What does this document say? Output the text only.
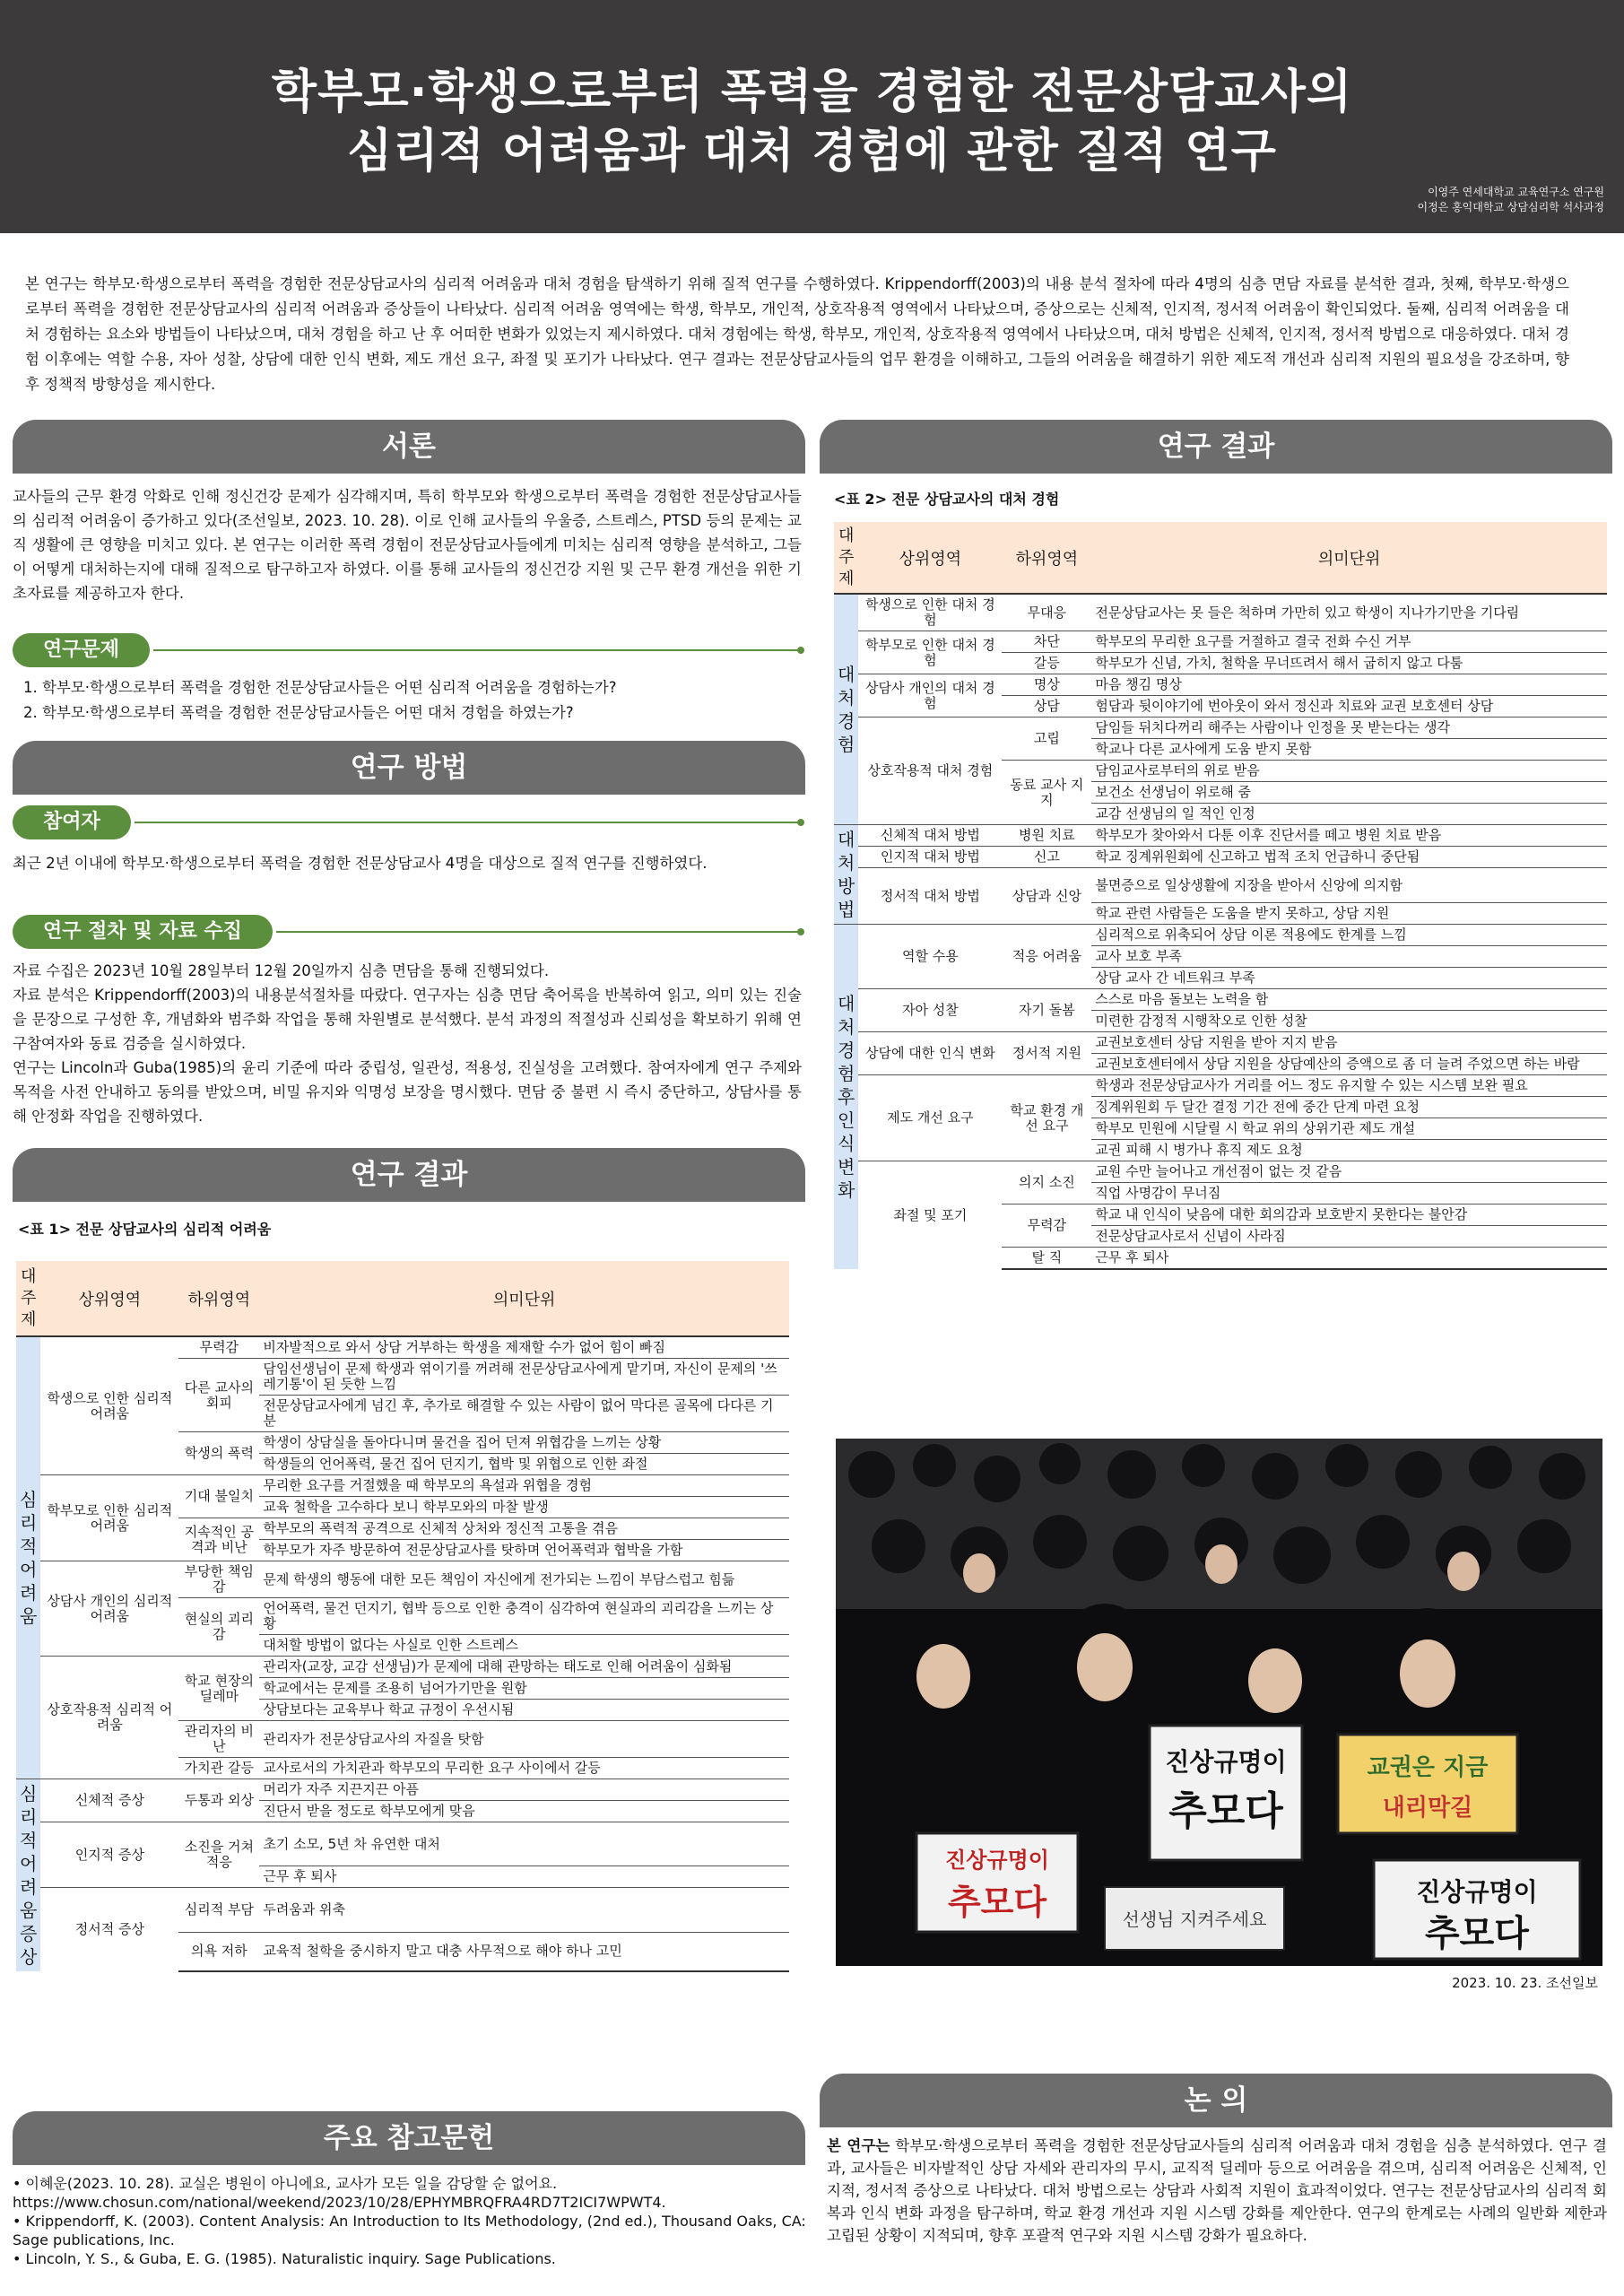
학부모·학생으로부터 폭력을 경험한 전문상담교사의
심리적 어려움과 대처 경험에 관한 질적 연구
이영주 연세대학교 교육연구소 연구원
이정은 홍익대학교 상담심리학 석사과정
본 연구는 학부모·학생으로부터 폭력을 경험한 전문상담교사의 심리적 어려움과 대처 경험을 탐색하기 위해 질적 연구를 수행하였다. Krippendorff(2003)의 내용 분석 절차에 따라 4명의 심층 면담 자료를 분석한 결과, 첫째, 학부모·학생으로부터 폭력을 경험한 전문상담교사의 심리적 어려움과 증상들이 나타났다. 심리적 어려움 영역에는 학생, 학부모, 개인적, 상호작용적 영역에서 나타났으며, 증상으로는 신체적, 인지적, 정서적 어려움이 확인되었다. 둘째, 심리적 어려움을 대처 경험하는 요소와 방법들이 나타났으며, 대처 경험을 하고 난 후 어떠한 변화가 있었는지 제시하였다. 대처 경험에는 학생, 학부모, 개인적, 상호작용적 영역에서 나타났으며, 대처 방법은 신체적, 인지적, 정서적 방법으로 대응하였다. 대처 경험 이후에는 역할 수용, 자아 성찰, 상담에 대한 인식 변화, 제도 개선 요구, 좌절 및 포기가 나타났다. 연구 결과는 전문상담교사들의 업무 환경을 이해하고, 그들의 어려움을 해결하기 위한 제도적 개선과 심리적 지원의 필요성을 강조하며, 향후 정책적 방향성을 제시한다.
서론
교사들의 근무 환경 악화로 인해 정신건강 문제가 심각해지며, 특히 학부모와 학생으로부터 폭력을 경험한 전문상담교사들의 심리적 어려움이 증가하고 있다(조선일보, 2023. 10. 28). 이로 인해 교사들의 우울증, 스트레스, PTSD 등의 문제는 교직 생활에 큰 영향을 미치고 있다. 본 연구는 이러한 폭력 경험이 전문상담교사들에게 미치는 심리적 영향을 분석하고, 그들이 어떻게 대처하는지에 대해 질적으로 탐구하고자 하였다. 이를 통해 교사들의 정신건강 지원 및 근무 환경 개선을 위한 기초자료를 제공하고자 한다.
연구문제
1. 학부모·학생으로부터 폭력을 경험한 전문상담교사들은 어떤 심리적 어려움을 경험하는가?
2. 학부모·학생으로부터 폭력을 경험한 전문상담교사들은 어떤 대처 경험을 하였는가?
연구 방법
참여자
최근 2년 이내에 학부모·학생으로부터 폭력을 경험한 전문상담교사 4명을 대상으로 질적 연구를 진행하였다.
연구 절차 및 자료 수집
자료 수집은 2023년 10월 28일부터 12월 20일까지 심층 면담을 통해 진행되었다.
자료 분석은 Krippendorff(2003)의 내용분석절차를 따랐다. 연구자는 심층 면담 축어록을 반복하여 읽고, 의미 있는 진술을 문장으로 구성한 후, 개념화와 범주화 작업을 통해 차원별로 분석했다. 분석 과정의 적절성과 신뢰성을 확보하기 위해 연구참여자와 동료 검증을 실시하였다.
연구는 Lincoln과 Guba(1985)의 윤리 기준에 따라 중립성, 일관성, 적용성, 진실성을 고려했다. 참여자에게 연구 주제와 목적을 사전 안내하고 동의를 받았으며, 비밀 유지와 익명성 보장을 명시했다. 면담 중 불편 시 즉시 중단하고, 상담사를 통해 안정화 작업을 진행하였다.
연구 결과
<표 1> 전문 상담교사의 심리적 어려움
대주제	상위영역	하위영역	의미단위
심리적어려움	학생으로 인한 심리적 어려움	무력감	비자발적으로 와서 상담 거부하는 학생을 제재할 수가 없어 힘이 빠짐
		다른 교사의 회피	담임선생님이 문제 학생과 엮이기를 꺼려해 전문상담교사에게 맡기며, 자신이 문제의 '쓰레기통'이 된 듯한 느낌
			전문상담교사에게 넘긴 후, 추가로 해결할 수 있는 사람이 없어 막다른 골목에 다다른 기분
		학생의 폭력	학생이 상담실을 돌아다니며 물건을 집어 던져 위협감을 느끼는 상황
			학생들의 언어폭력, 물건 집어 던지기, 협박 및 위협으로 인한 좌절
	학부모로 인한 심리적 어려움	기대 불일치	무리한 요구를 거절했을 때 학부모의 욕설과 위협을 경험
			교육 철학을 고수하다 보니 학부모와의 마찰 발생
		지속적인 공격과 비난	학부모의 폭력적 공격으로 신체적 상처와 정신적 고통을 겪음
			학부모가 자주 방문하여 전문상담교사를 탓하며 언어폭력과 협박을 가함
	상담사 개인의 심리적 어려움	부당한 책임감	문제 학생의 행동에 대한 모든 책임이 자신에게 전가되는 느낌이 부담스럽고 힘듦
		현실의 괴리감	언어폭력, 물건 던지기, 협박 등으로 인한 충격이 심각하여 현실과의 괴리감을 느끼는 상황
			대처할 방법이 없다는 사실로 인한 스트레스
	상호작용적 심리적 어려움	학교 현장의 딜레마	관리자(교장, 교감 선생님)가 문제에 대해 관망하는 태도로 인해 어려움이 심화됨
			학교에서는 문제를 조용히 넘어가기만을 원함
			상담보다는 교육부나 학교 규정이 우선시됨
		관리자의 비난	관리자가 전문상담교사의 자질을 탓함
		가치관 갈등	교사로서의 가치관과 학부모의 무리한 요구 사이에서 갈등
심리적어려움증상	신체적 증상	두통과 외상	머리가 자주 지끈지끈 아픔
			진단서 받을 정도로 학부모에게 맞음
	인지적 증상	소진을 거쳐 적응	초기 소모, 5년 차 유연한 대처
			근무 후 퇴사
	정서적 증상	심리적 부담	두려움과 위축
		의욕 저하	교육적 철학을 중시하지 말고 대충 사무적으로 해야 하나 고민
주요 참고문헌
• 이혜운(2023. 10. 28). 교실은 병원이 아니에요, 교사가 모든 일을 감당할 순 없어요.
https://www.chosun.com/national/weekend/2023/10/28/EPHYMBRQFRA4RD7T2ICI7WPWT4.
• Krippendorff, K. (2003). Content Analysis: An Introduction to Its Methodology, (2nd ed.), Thousand Oaks, CA: Sage publications, Inc.
• Lincoln, Y. S., & Guba, E. G. (1985). Naturalistic inquiry. Sage Publications.
연구 결과
<표 2> 전문 상담교사의 대처 경험
대주제	상위영역	하위영역	의미단위
대처경험	학생으로 인한 대처 경험	무대응	전문상담교사는 못 들은 척하며 가만히 있고 학생이 지나가기만을 기다림
	학부모로 인한 대처 경험	차단	학부모의 무리한 요구를 거절하고 결국 전화 수신 거부
		갈등	학부모가 신념, 가치, 철학을 무너뜨려서 해서 굽히지 않고 다툼
	상담사 개인의 대처 경험	명상	마음 챙김 명상
		상담	험담과 뒷이야기에 번아웃이 와서 정신과 치료와 교권 보호센터 상담
	상호작용적 대처 경험	고립	담임들 뒤치다꺼리 해주는 사람이나 인정을 못 받는다는 생각
			학교나 다른 교사에게 도움 받지 못함
		동료 교사 지지	담임교사로부터의 위로 받음
			보건소 선생님이 위로해 줌
			교감 선생님의 일 적인 인정
대처방법	신체적 대처 방법	병원 치료	학부모가 찾아와서 다툰 이후 진단서를 떼고 병원 치료 받음
	인지적 대처 방법	신고	학교 징계위원회에 신고하고 법적 조치 언급하니 중단됨
	정서적 대처 방법	상담과 신앙	불면증으로 일상생활에 지장을 받아서 신앙에 의지함
			학교 관련 사람들은 도움을 받지 못하고, 상담 지원
대처경험후인식변화	역할 수용	적응 어려움	심리적으로 위축되어 상담 이론 적용에도 한계를 느낌
			교사 보호 부족
			상담 교사 간 네트워크 부족
	자아 성찰	자기 돌봄	스스로 마음 돌보는 노력을 함
			미련한 감정적 시행착오로 인한 성찰
	상담에 대한 인식 변화	정서적 지원	교권보호센터 상담 지원을 받아 지지 받음
			교권보호센터에서 상담 지원을 상담예산의 증액으로 좀 더 늘려 주었으면 하는 바람
	제도 개선 요구	학교 환경 개선 요구	학생과 전문상담교사가 거리를 어느 정도 유지할 수 있는 시스템 보완 필요
			징계위원회 두 달간 결정 기간 전에 중간 단계 마련 요청
			학부모 민원에 시달릴 시 학교 위의 상위기관 제도 개설
			교권 피해 시 병가나 휴직 제도 요청
	좌절 및 포기	의지 소진	교원 수만 늘어나고 개선점이 없는 것 같음
			직업 사명감이 무너짐
		무력감	학교 내 인식이 낮음에 대한 회의감과 보호받지 못한다는 불안감
			전문상담교사로서 신념이 사라짐
		탈 직	근무 후 퇴사
진상규명이
추모다
교권은 지금
내리막길
진상규명이
추모다
진상규명이
추모다	선생님 지켜주세요
2023. 10. 23. 조선일보
논 의
본 연구는 학부모·학생으로부터 폭력을 경험한 전문상담교사들의 심리적 어려움과 대처 경험을 심층 분석하였다. 연구 결과, 교사들은 비자발적인 상담 자세와 관리자의 무시, 교직적 딜레마 등으로 어려움을 겪으며, 심리적 어려움은 신체적, 인지적, 정서적 증상으로 나타났다. 대처 방법으로는 상담과 사회적 지원이 효과적이었다. 연구는 전문상담교사의 심리적 회복과 인식 변화 과정을 탐구하며, 학교 환경 개선과 지원 시스템 강화를 제안한다. 연구의 한계로는 사례의 일반화 제한과 고립된 상황이 지적되며, 향후 포괄적 연구와 지원 시스템 강화가 필요하다.
